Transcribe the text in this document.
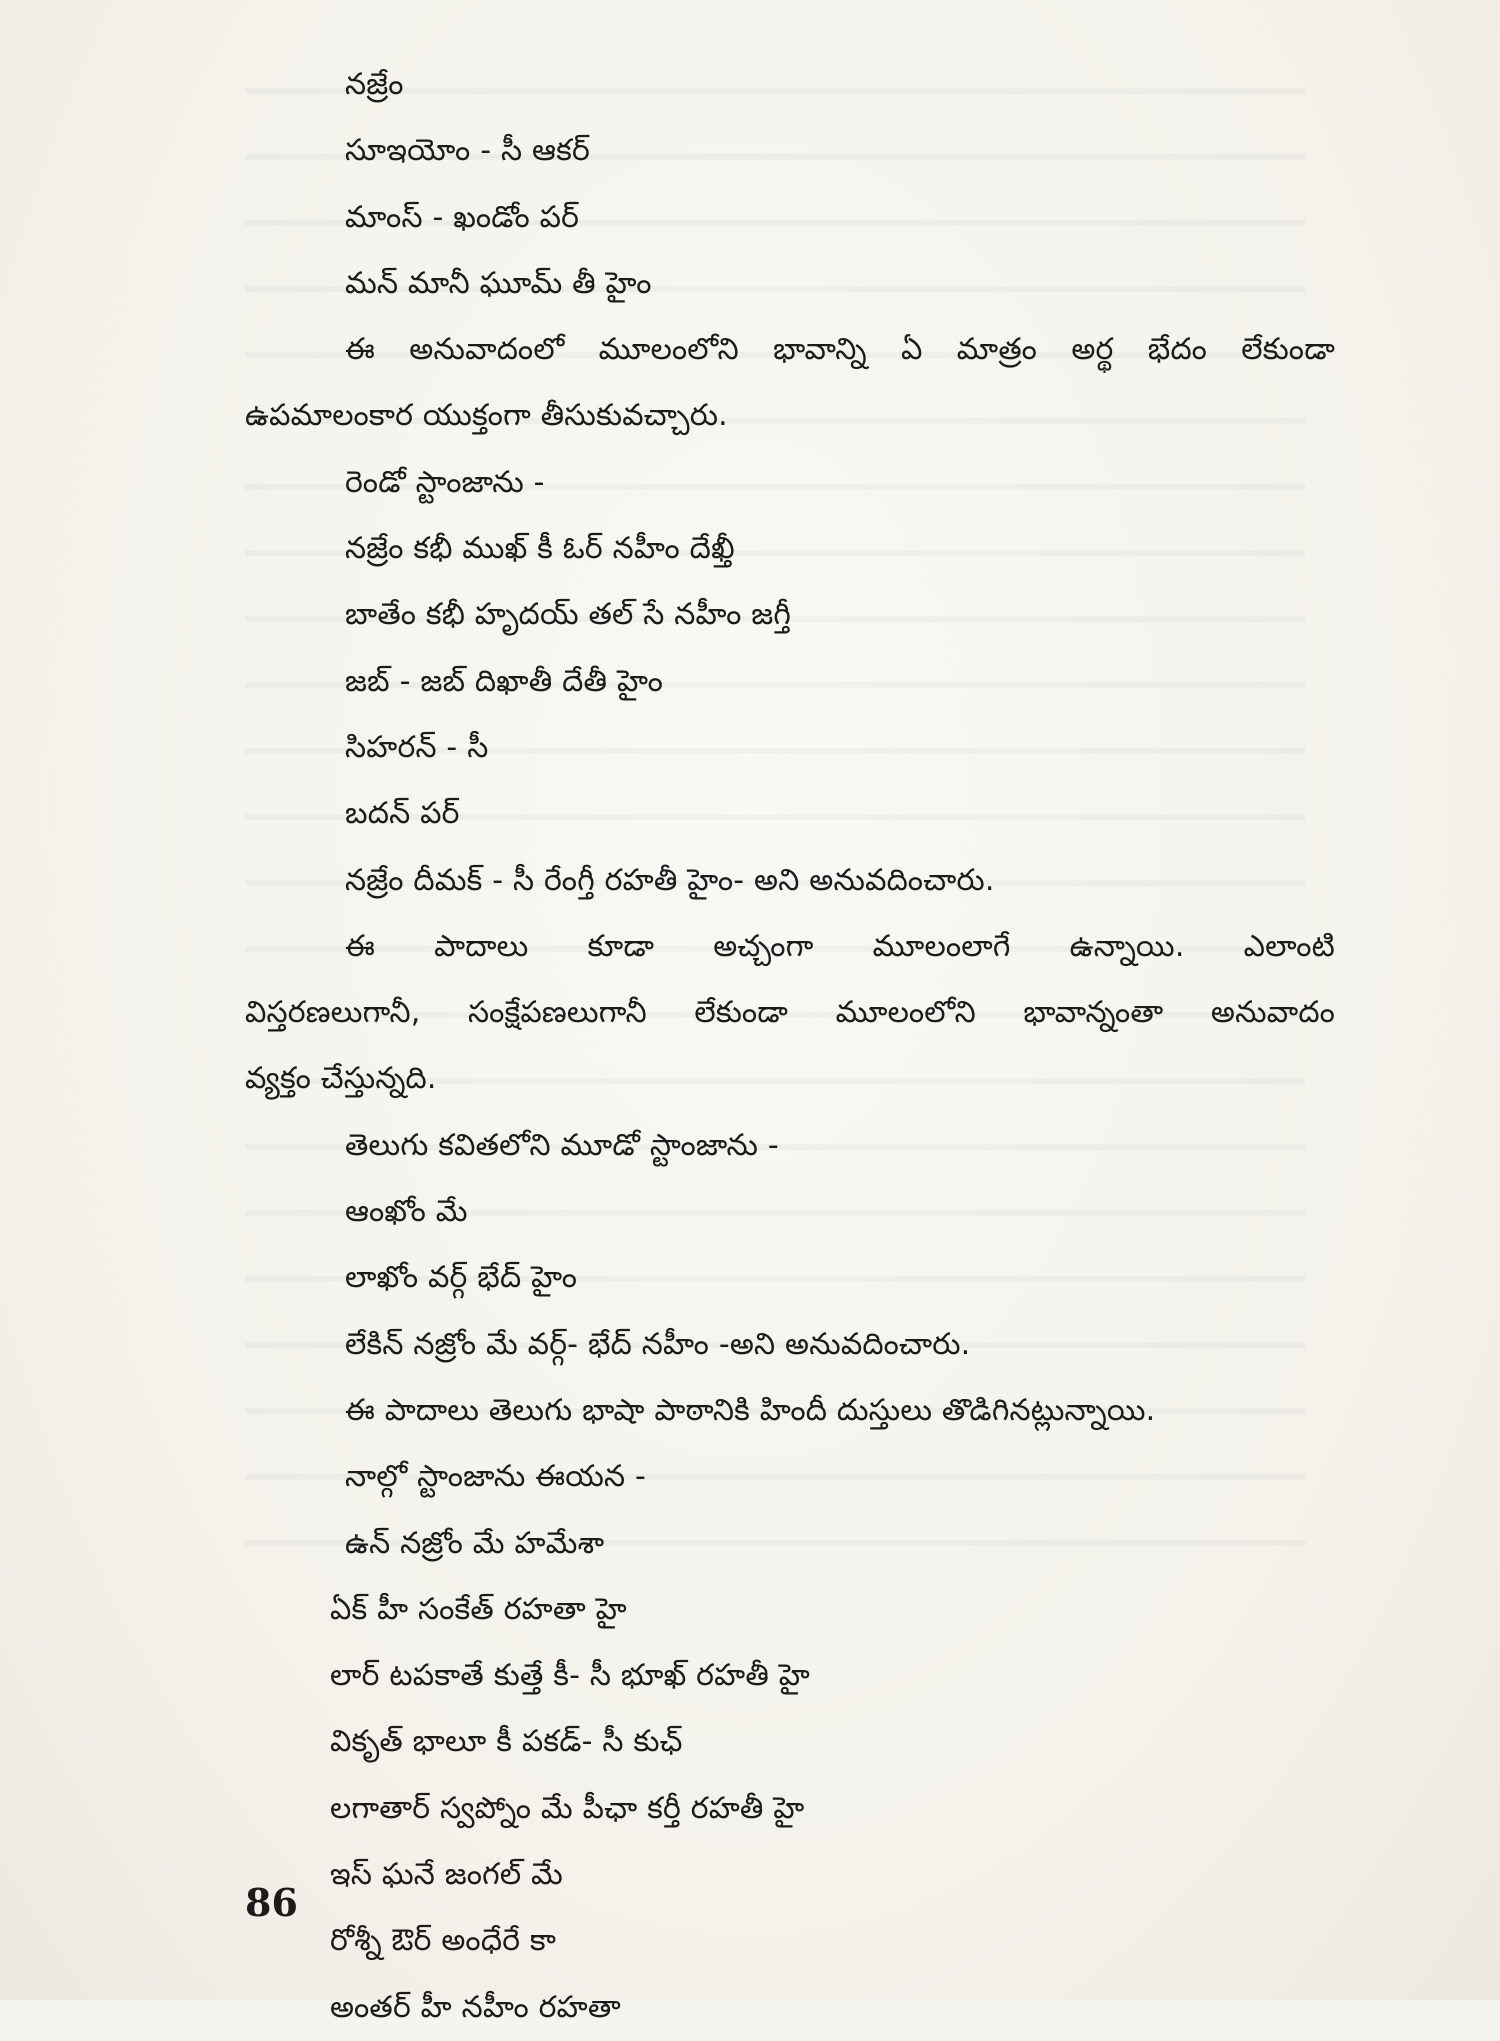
నజ్రేం
సూఇయోం - సీ ఆకర్
మాంస్ - ఖండోం పర్
మన్ మానీ ఘూమ్ తీ హైం
ఈ అనువాదంలో మూలంలోని భావాన్ని ఏ మాత్రం అర్థ భేదం లేకుండా
ఉపమాలంకార యుక్తంగా తీసుకువచ్చారు.
రెండో స్టాంజాను -
నజ్రేం కభీ ముఖ్ కీ ఓర్ నహీం దేఖ్తీ
బాతేం కభీ హృదయ్ తల్ సే నహీం జగ్తీ
జబ్ - జబ్ దిఖాతీ దేతీ హైం
సిహరన్ - సీ
బదన్ పర్
నజ్రేం దీమక్ - సీ రేంగ్తీ రహతీ హైం- అని అనువదించారు.
ఈ పాదాలు కూడా అచ్చంగా మూలంలాగే ఉన్నాయి. ఎలాంటి
విస్తరణలుగానీ, సంక్షేపణలుగానీ లేకుండా మూలంలోని భావాన్నంతా అనువాదం
వ్యక్తం చేస్తున్నది.
తెలుగు కవితలోని మూడో స్టాంజాను -
ఆంఖోం మే
లాఖోం వర్గ్ భేద్ హైం
లేకిన్ నజ్రోం మే వర్గ్- భేద్ నహీం -అని అనువదించారు.
ఈ పాదాలు తెలుగు భాషా పాఠానికి హిందీ దుస్తులు తొడిగినట్లున్నాయి.
నాల్గో స్టాంజాను ఈయన -
ఉన్ నజ్రోం మే హమేశా
ఏక్ హీ సంకేత్ రహతా హై
లార్ టపకాతే కుత్తే కీ- సీ భూఖ్ రహతీ హై
వికృత్ భాలూ కీ పకడ్- సీ కుఛ్
లగాతార్ స్వప్నోం మే పీఛా కర్తీ రహతీ హై
ఇస్ ఘనే జంగల్ మే
రోశ్నీ ఔర్ అంధేరే కా
అంతర్ హీ నహీం రహతా
86
